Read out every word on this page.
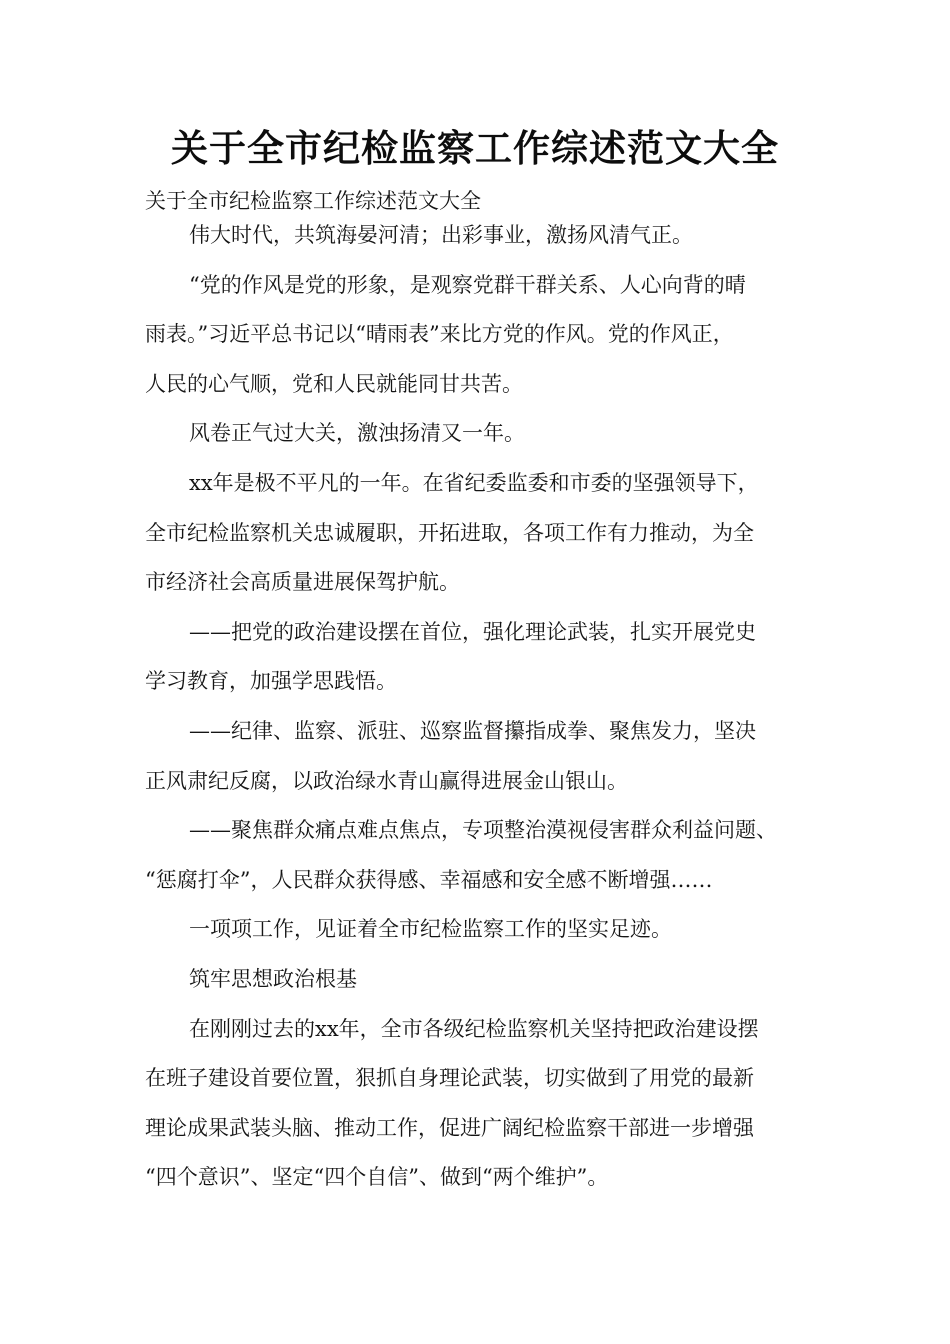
关于全市纪检监察工作综述范文大全
关于全市纪检监察工作综述范文大全
伟大时代，共筑海晏河清；出彩事业，激扬风清气正。
“党的作风是党的形象，是观察党群干群关系、人心向背的晴
雨表。”习近平总书记以“晴雨表”来比方党的作风。党的作风正，
人民的心气顺，党和人民就能同甘共苦。
风卷正气过大关，激浊扬清又一年。
xx年是极不平凡的一年。在省纪委监委和市委的坚强领导下，
全市纪检监察机关忠诚履职，开拓进取，各项工作有力推动，为全
市经济社会高质量进展保驾护航。
——把党的政治建设摆在首位，强化理论武装，扎实开展党史
学习教育，加强学思践悟。
——纪律、监察、派驻、巡察监督攥指成拳、聚焦发力，坚决
正风肃纪反腐，以政治绿水青山赢得进展金山银山。
——聚焦群众痛点难点焦点，专项整治漠视侵害群众利益问题、
“惩腐打伞”，人民群众获得感、幸福感和安全感不断增强……
一项项工作，见证着全市纪检监察工作的坚实足迹。
筑牢思想政治根基
在刚刚过去的xx年，全市各级纪检监察机关坚持把政治建设摆
在班子建设首要位置，狠抓自身理论武装，切实做到了用党的最新
理论成果武装头脑、推动工作，促进广阔纪检监察干部进一步增强
“四个意识”、坚定“四个自信”、做到“两个维护”。
